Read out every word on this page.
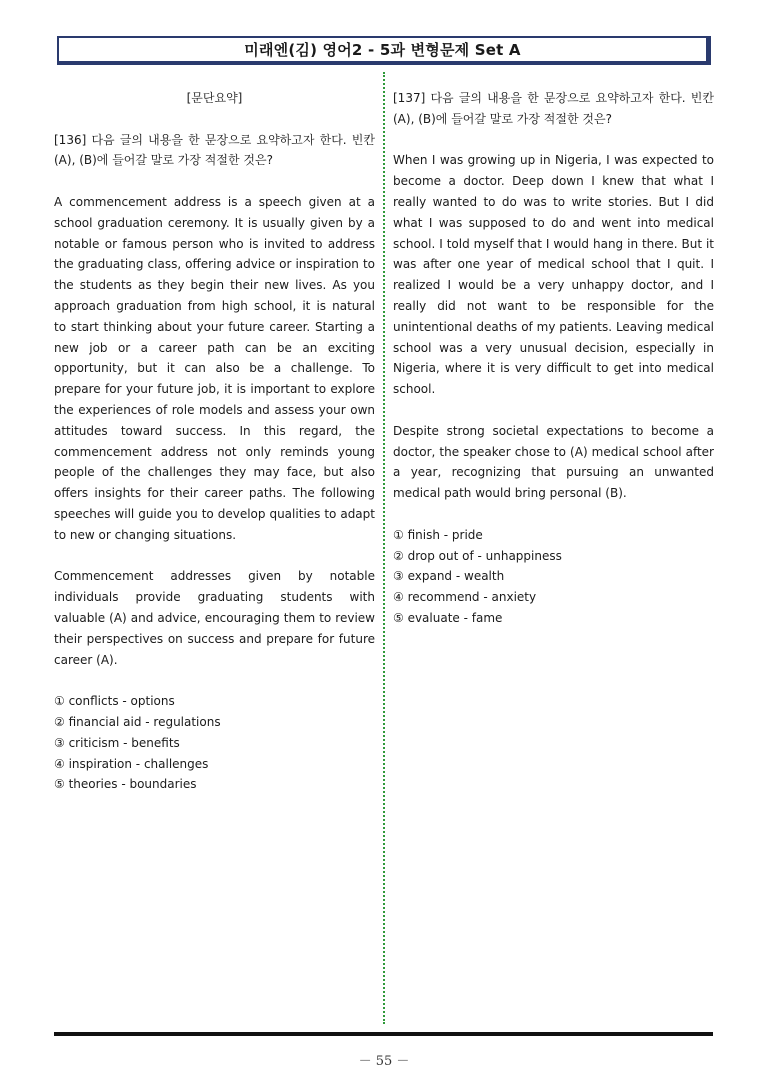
미래엔(김) 영어2 - 5과 변형문제 Set A

[문단요약]

[136] 다음 글의 내용을 한 문장으로 요약하고자 한다. 빈칸 (A), (B)에 들어갈 말로 가장 적절한 것은?

A commencement address is a speech given at a school graduation ceremony. It is usually given by a notable or famous person who is invited to address the graduating class, offering advice or inspiration to the students as they begin their new lives. As you approach graduation from high school, it is natural to start thinking about your future career. Starting a new job or a career path can be an exciting opportunity, but it can also be a challenge. To prepare for your future job, it is important to explore the experiences of role models and assess your own attitudes toward success. In this regard, the commencement address not only reminds young people of the challenges they may face, but also offers insights for their career paths. The following speeches will guide you to develop qualities to adapt to new or changing situations.

Commencement addresses given by notable individuals provide graduating students with valuable (A) and advice, encouraging them to review their perspectives on success and prepare for future career (A).

① conflicts - options

② financial aid - regulations

③ criticism - benefits

④ inspiration - challenges

⑤ theories - boundaries

[137] 다음 글의 내용을 한 문장으로 요약하고자 한다. 빈칸 (A), (B)에 들어갈 말로 가장 적절한 것은?

When I was growing up in Nigeria, I was expected to become a doctor. Deep down I knew that what I really wanted to do was to write stories. But I did what I was supposed to do and went into medical school. I told myself that I would hang in there. But it was after one year of medical school that I quit. I realized I would be a very unhappy doctor, and I really did not want to be responsible for the unintentional deaths of my patients. Leaving medical school was a very unusual decision, especially in Nigeria, where it is very difficult to get into medical school.

Despite strong societal expectations to become a doctor, the speaker chose to (A) medical school after a year, recognizing that pursuing an unwanted medical path would bring personal (B).

① finish - pride

② drop out of - unhappiness

③ expand - wealth

④ recommend - anxiety

⑤ evaluate - fame

－ 55 －
